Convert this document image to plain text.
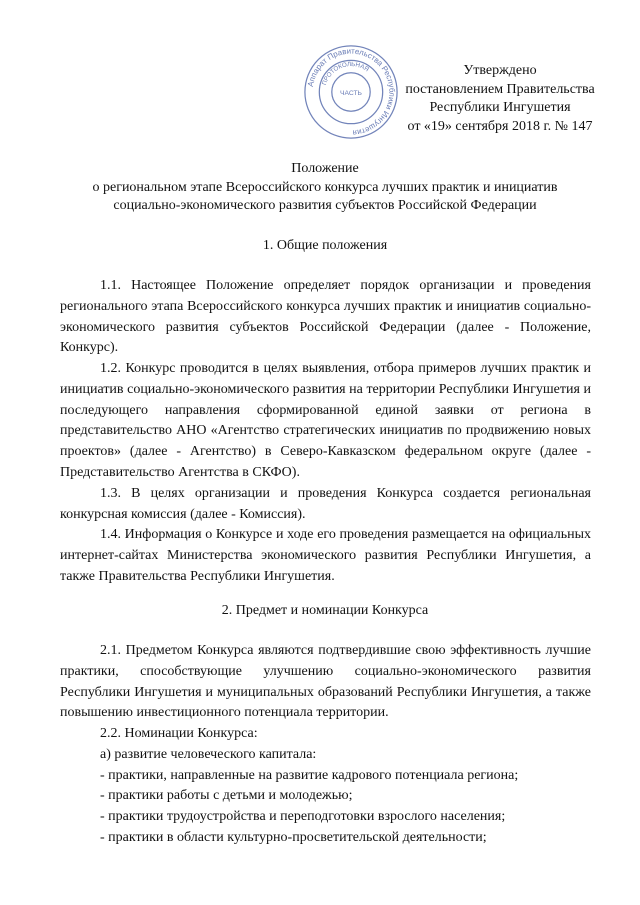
Аппарат Правительства Республики Ингушетия
ПРОТОКОЛЬНАЯ
ЧАСТЬ
Утверждено
постановлением Правительства
Республики Ингушетия
от «19» сентября 2018 г. № 147
Положение
о региональном этапе Всероссийского конкурса лучших практик и инициатив
социально-экономического развития субъектов Российской Федерации
1. Общие положения

1.1. Настоящее Положение определяет порядок организации и проведения регионального этапа Всероссийского конкурса лучших практик и инициатив социально-экономического развития субъектов Российской Федерации (далее - Положение, Конкурс).

1.2. Конкурс проводится в целях выявления, отбора примеров лучших практик и инициатив социально-экономического развития на территории Республики Ингушетия и последующего направления сформированной единой заявки от региона в представительство АНО «Агентство стратегических инициатив по продвижению новых проектов» (далее - Агентство) в Северо-Кавказском федеральном округе (далее - Представительство Агентства в СКФО).

1.3. В целях организации и проведения Конкурса создается региональная конкурсная комиссия (далее - Комиссия).

1.4. Информация о Конкурсе и ходе его проведения размещается на официальных интернет-сайтах Министерства экономического развития Республики Ингушетия, а также Правительства Республики Ингушетия.

2. Предмет и номинации Конкурса

2.1. Предметом Конкурса являются подтвердившие свою эффективность лучшие практики, способствующие улучшению социально-экономического развития Республики Ингушетия и муниципальных образований Республики Ингушетия, а также повышению инвестиционного потенциала территории.

2.2. Номинации Конкурса:
а) развитие человеческого капитала:
- практики, направленные на развитие кадрового потенциала региона;
- практики работы с детьми и молодежью;
- практики трудоустройства и переподготовки взрослого населения;
- практики в области культурно-просветительской деятельности;
